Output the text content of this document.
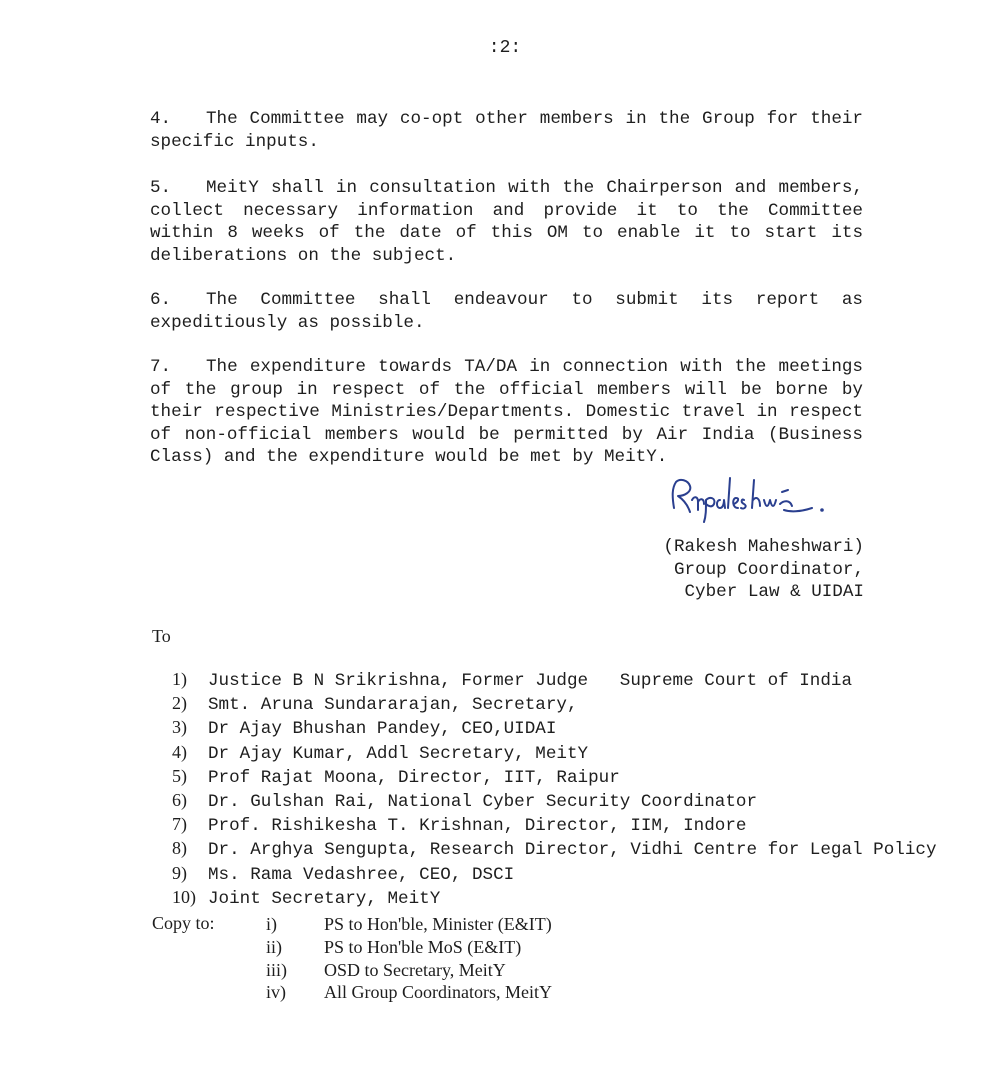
:2:

4. The Committee may co-opt other members in the Group for their specific inputs.

5. MeitY shall in consultation with the Chairperson and members, collect necessary information and provide it to the Committee within 8 weeks of the date of this OM to enable it to start its deliberations on the subject.

6. The Committee shall endeavour to submit its report as expeditiously as possible.

7. The expenditure towards TA/DA in connection with the meetings of the group in respect of the official members will be borne by their respective Ministries/Departments. Domestic travel in respect of non-official members would be permitted by Air India (Business Class) and the expenditure would be met by MeitY.

(Rakesh Maheshwari)
Group Coordinator,
Cyber Law & UIDAI
To
1) Justice B N Srikrishna, Former Judge   Supreme Court of India
2) Smt. Aruna Sundararajan, Secretary,
3) Dr Ajay Bhushan Pandey, CEO,UIDAI
4) Dr Ajay Kumar, Addl Secretary, MeitY
5) Prof Rajat Moona, Director, IIT, Raipur
6) Dr. Gulshan Rai, National Cyber Security Coordinator
7) Prof. Rishikesha T. Krishnan, Director, IIM, Indore
8) Dr. Arghya Sengupta, Research Director, Vidhi Centre for Legal Policy
9) Ms. Rama Vedashree, CEO, DSCI
10) Joint Secretary, MeitY
Copy to:	i)	PS to Hon'ble, Minister (E&IT)
ii) PS to Hon'ble MoS (E&IT)
iii) OSD to Secretary, MeitY
iv) All Group Coordinators, MeitY
